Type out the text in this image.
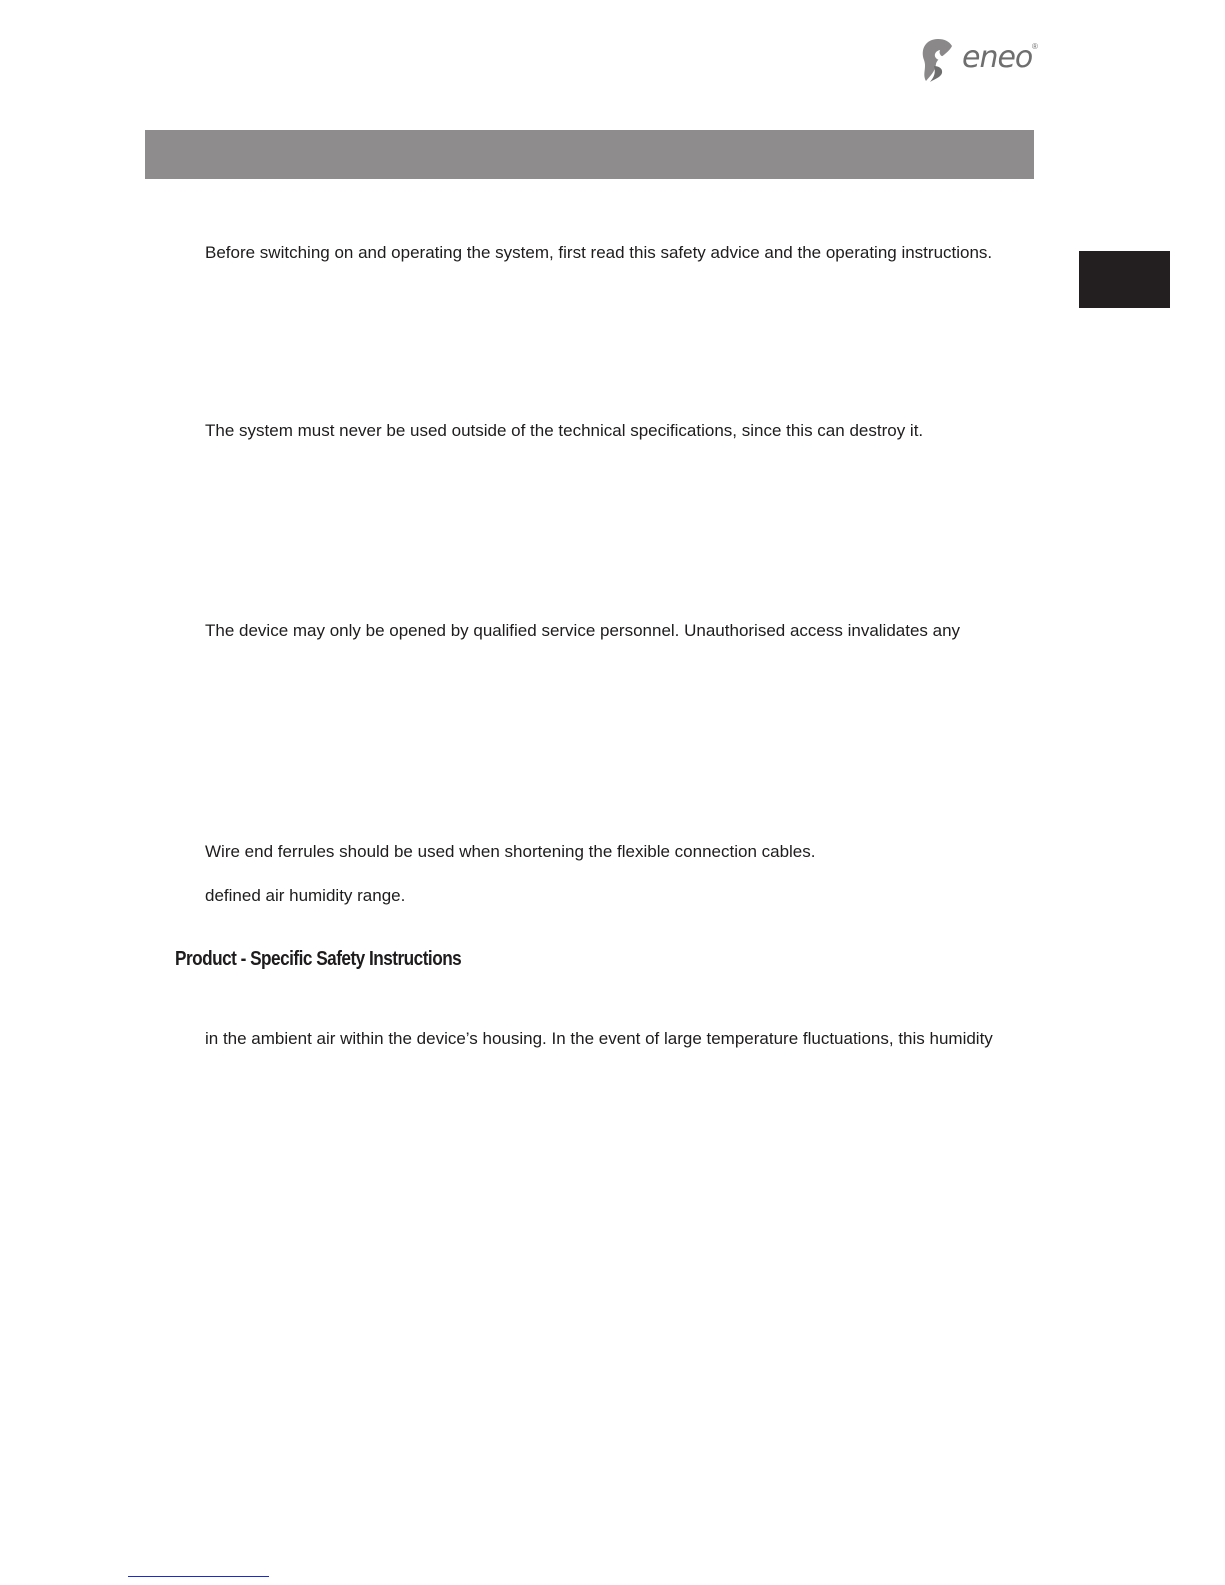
eneo ®
Before switching on and operating the system, first read this safety advice and the operating instructions.
The system must never be used outside of the technical specifications, since this can destroy it.
The device may only be opened by qualified service personnel. Unauthorised access invalidates any
Wire end ferrules should be used when shortening the flexible connection cables.
defined air humidity range.
Product - Specific Safety Instructions
in the ambient air within the device’s housing. In the event of large temperature fluctuations, this humidity
